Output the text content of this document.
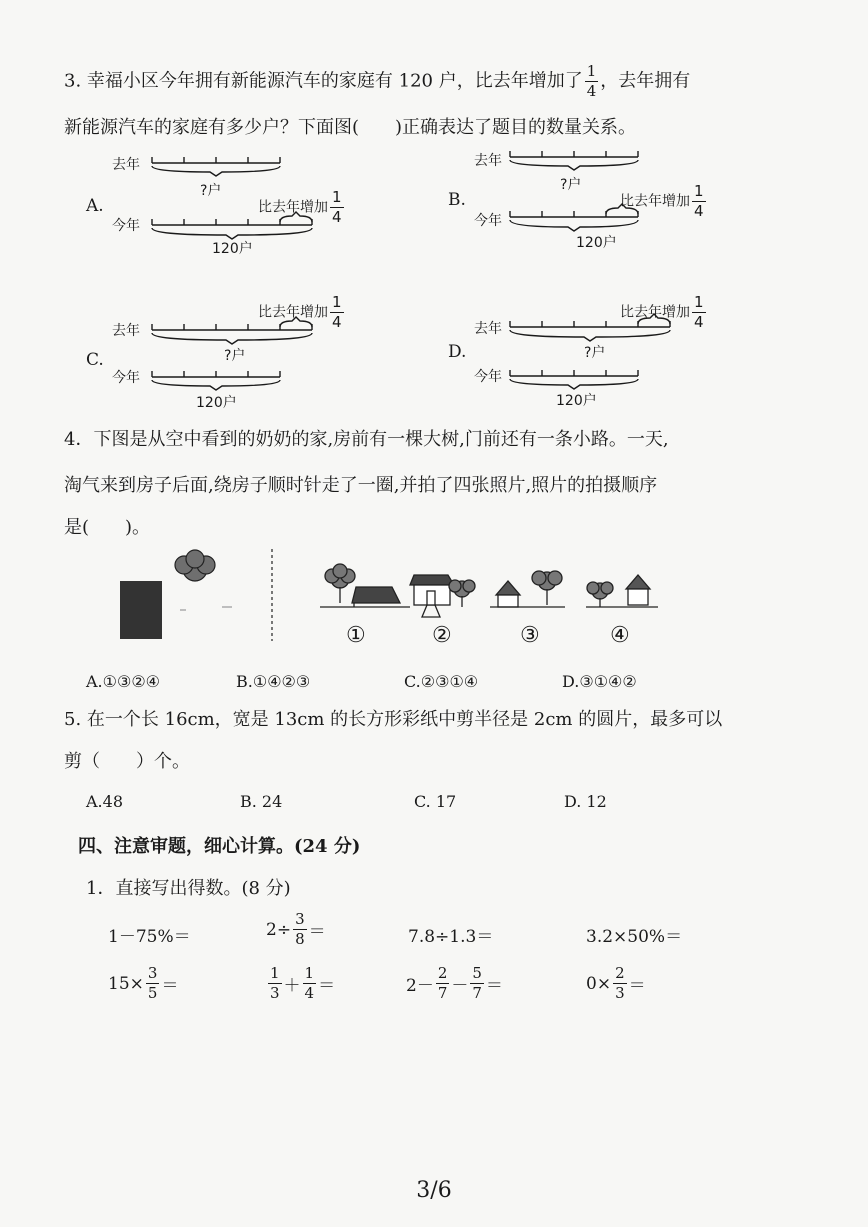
3. 幸福小区今年拥有新能源汽车的家庭有 120 户，比去年增加了 $\frac{1}{4}$ ，去年拥有
新能源汽车的家庭有多少户？下面图(　　)正确表达了题目的数量关系。
A.
去年
?户
今年
120户
比去年增加 $\frac{1}{4}$	B.
去年
?户
今年
120户
比去年增加 $\frac{1}{4}$
C.
去年
?户
今年
120户
比去年增加 $\frac{1}{4}$
D.
去年
?户
今年
120户
比去年增加 $\frac{1}{4}$
4．下图是从空中看到的奶奶的家,房前有一棵大树,门前还有一条小路。一天,
淘气来到房子后面,绕房子顺时针走了一圈,并拍了四张照片,照片的拍摄顺序
是(　　)。
①	②	③	④
A.①③②④	B.①④②③	C.②③①④	D.③①④②
5. 在一个长 16cm，宽是 13cm 的长方形彩纸中剪半径是 2cm 的圆片，最多可以
剪（　　）个。
A.48	B. 24	C. 17	D. 12
四、注意审题，细心计算。(24 分)
1．直接写出得数。(8 分)
1－75%＝	$2\div \frac{3}{8}$ ＝	7.8÷1.3＝	3.2×50%＝
$15\times \frac{3}{5}$ ＝	$\frac{1}{3} + \frac{1}{4}$ ＝	$2- \frac{2}{7} - \frac{5}{7}$ ＝	$0\times \frac{2}{3}$ ＝
3/6
